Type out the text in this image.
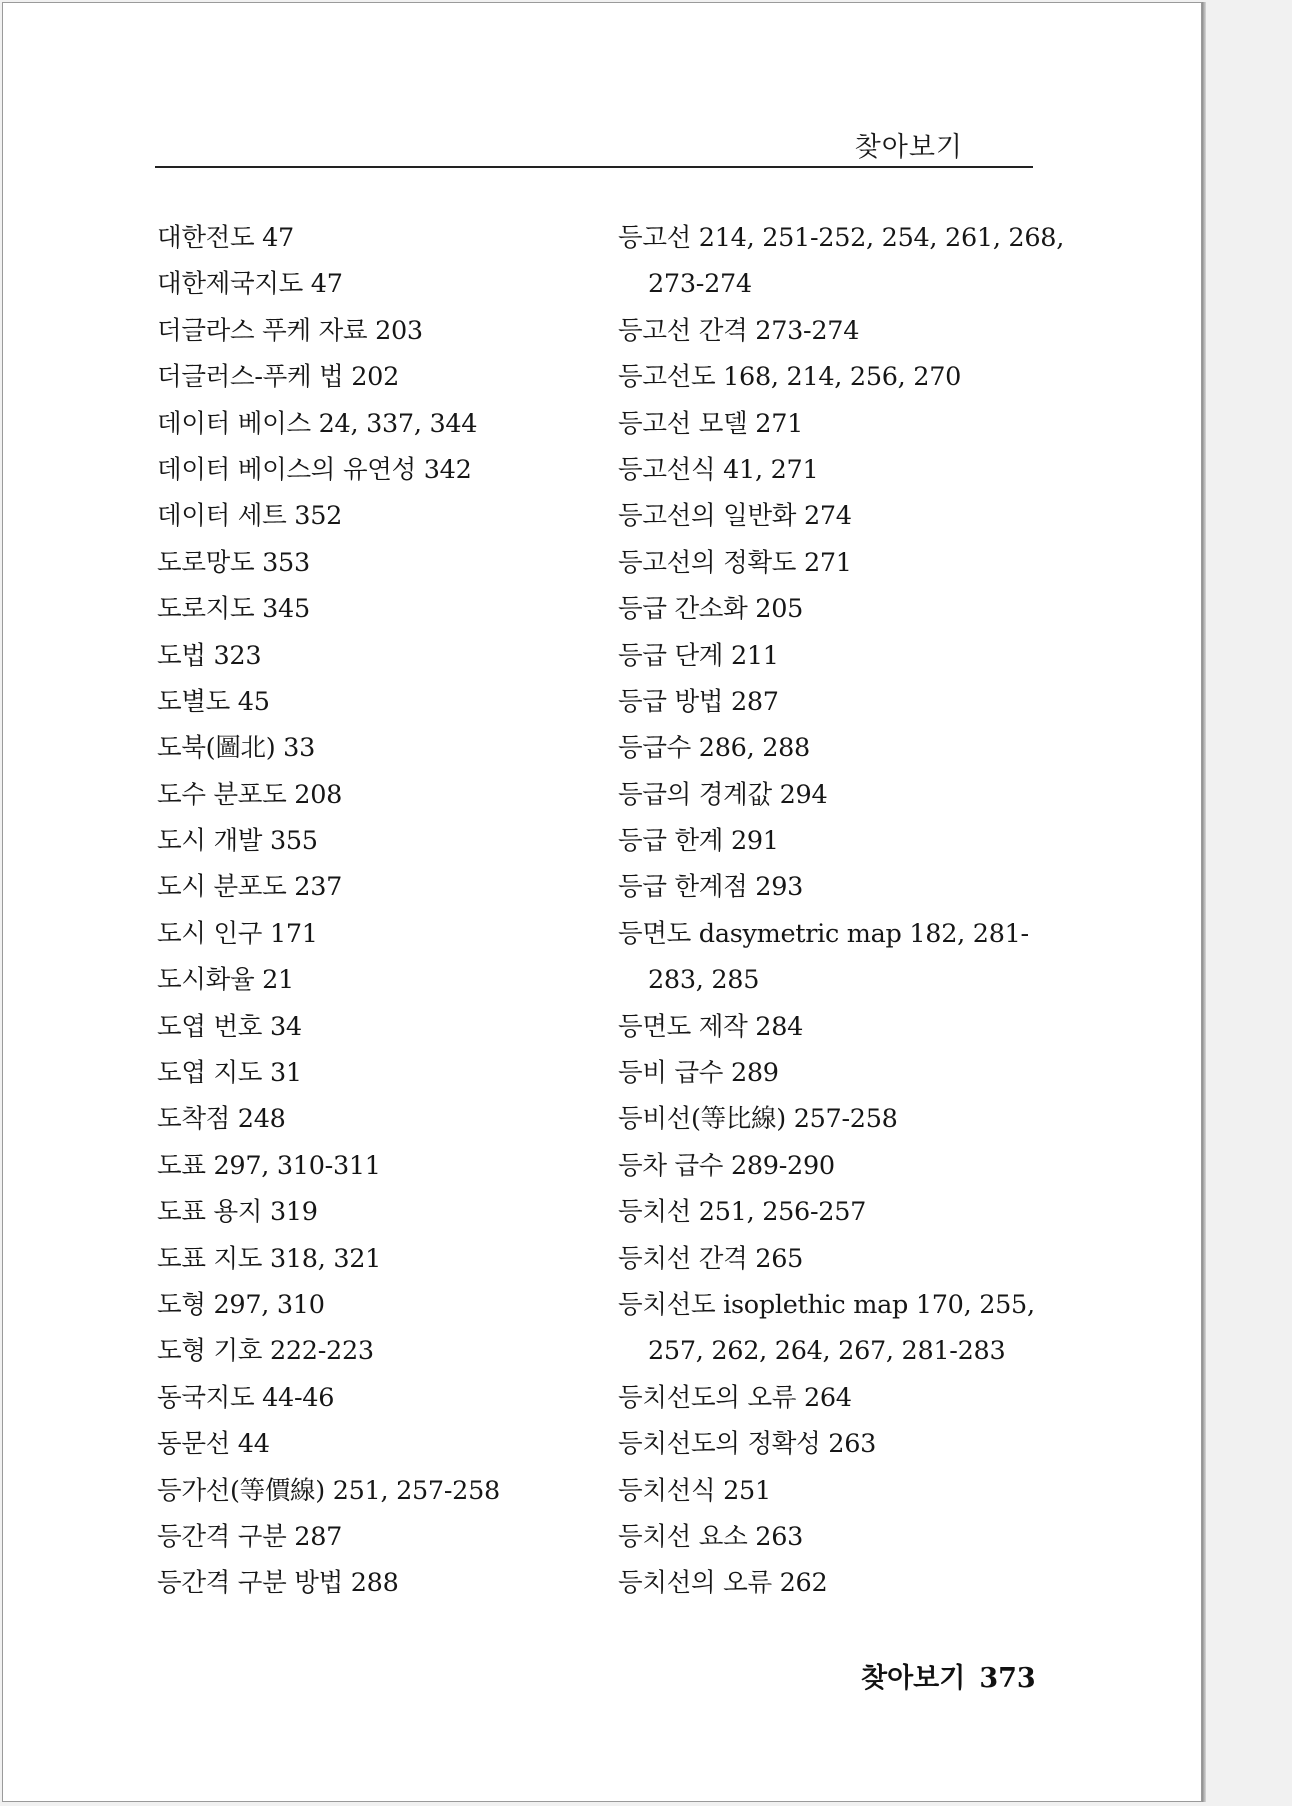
찾아보기
대한전도 47
대한제국지도 47
더글라스 푸케 자료 203
더글러스-푸케 법 202
데이터 베이스 24, 337, 344
데이터 베이스의 유연성 342
데이터 세트 352
도로망도 353
도로지도 345
도법 323
도별도 45
도북(圖北) 33
도수 분포도 208
도시 개발 355
도시 분포도 237
도시 인구 171
도시화율 21
도엽 번호 34
도엽 지도 31
도착점 248
도표 297, 310-311
도표 용지 319
도표 지도 318, 321
도형 297, 310
도형 기호 222-223
동국지도 44-46
동문선 44
등가선(等價線) 251, 257-258
등간격 구분 287
등간격 구분 방법 288
등고선 214, 251-252, 254, 261, 268,
273-274
등고선 간격 273-274
등고선도 168, 214, 256, 270
등고선 모델 271
등고선식 41, 271
등고선의 일반화 274
등고선의 정확도 271
등급 간소화 205
등급 단계 211
등급 방법 287
등급수 286, 288
등급의 경계값 294
등급 한계 291
등급 한계점 293
등면도 dasymetric map 182, 281-
283, 285
등면도 제작 284
등비 급수 289
등비선(等比線) 257-258
등차 급수 289-290
등치선 251, 256-257
등치선 간격 265
등치선도 isoplethic map 170, 255,
257, 262, 264, 267, 281-283
등치선도의 오류 264
등치선도의 정확성 263
등치선식 251
등치선 요소 263
등치선의 오류 262
찾아보기 373
